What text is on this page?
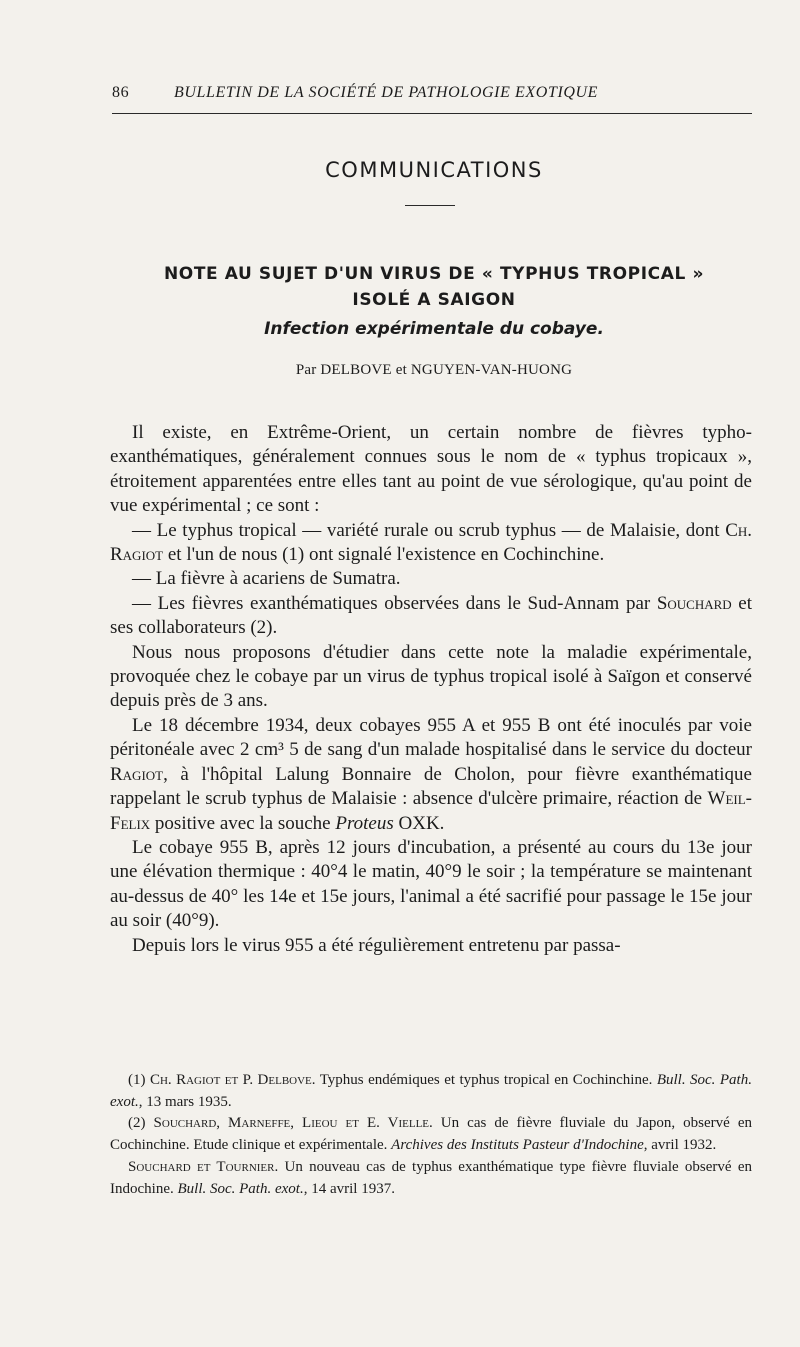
86	BULLETIN DE LA SOCIÉTÉ DE PATHOLOGIE EXOTIQUE
COMMUNICATIONS
NOTE AU SUJET D'UN VIRUS DE « TYPHUS TROPICAL »
ISOLÉ A SAIGON
Infection expérimentale du cobaye.
Par DELBOVE et NGUYEN-VAN-HUONG

Il existe, en Extrême-Orient, un certain nombre de fièvres typho-exanthématiques, généralement connues sous le nom de « typhus tropicaux », étroitement apparentées entre elles tant au point de vue sérologique, qu'au point de vue expérimental ; ce sont :

— Le typhus tropical — variété rurale ou scrub typhus — de Malaisie, dont Ch. Ragiot et l'un de nous (1) ont signalé l'existence en Cochinchine.

— La fièvre à acariens de Sumatra.

— Les fièvres exanthématiques observées dans le Sud-Annam par Souchard et ses collaborateurs (2).

Nous nous proposons d'étudier dans cette note la maladie expérimentale, provoquée chez le cobaye par un virus de typhus tropical isolé à Saïgon et conservé depuis près de 3 ans.

Le 18 décembre 1934, deux cobayes 955 A et 955 B ont été inoculés par voie péritonéale avec 2 cm³ 5 de sang d'un malade hospitalisé dans le service du docteur Ragiot, à l'hôpital Lalung Bonnaire de Cholon, pour fièvre exanthématique rappelant le scrub typhus de Malaisie : absence d'ulcère primaire, réaction de Weil-Felix positive avec la souche Proteus OXK.

Le cobaye 955 B, après 12 jours d'incubation, a présenté au cours du 13e jour une élévation thermique : 40°4 le matin, 40°9 le soir ; la température se maintenant au-dessus de 40° les 14e et 15e jours, l'animal a été sacrifié pour passage le 15e jour au soir (40°9).

Depuis lors le virus 955 a été régulièrement entretenu par passa-

(1) Ch. Ragiot et P. Delbove. Typhus endémiques et typhus tropical en Cochinchine. Bull. Soc. Path. exot., 13 mars 1935.

(2) Souchard, Marneffe, Lieou et E. Vielle. Un cas de fièvre fluviale du Japon, observé en Cochinchine. Etude clinique et expérimentale. Archives des Instituts Pasteur d'Indochine, avril 1932.

Souchard et Tournier. Un nouveau cas de typhus exanthématique type fièvre fluviale observé en Indochine. Bull. Soc. Path. exot., 14 avril 1937.
